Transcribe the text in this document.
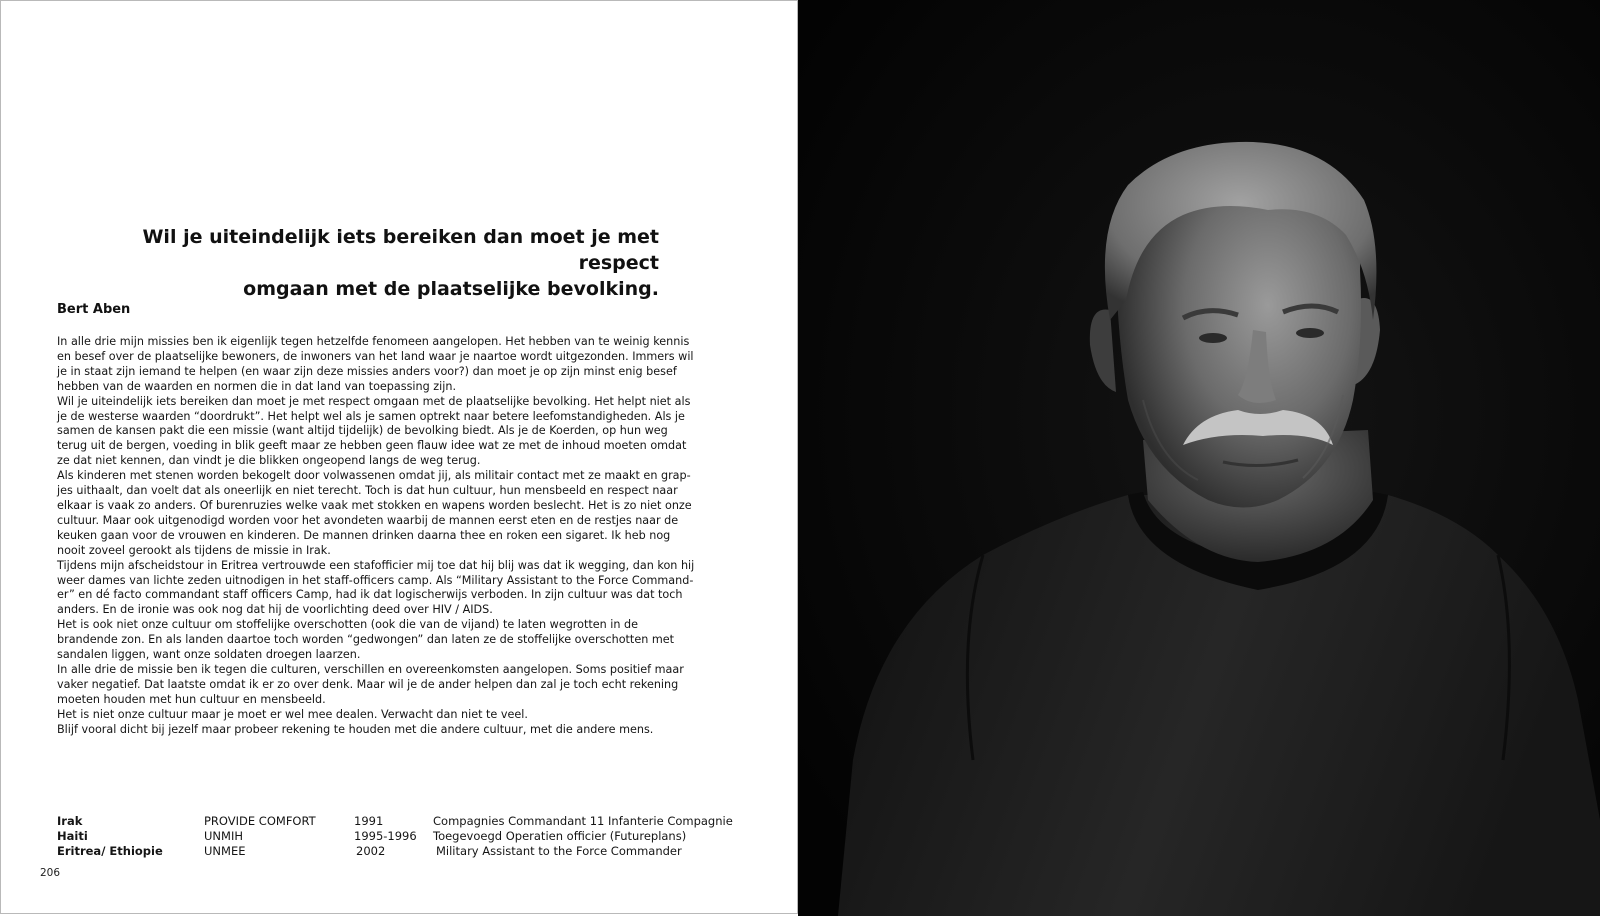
Wil je uiteindelijk iets bereiken dan moet je met respect
omgaan met de plaatselijke bevolking.
Bert Aben

In alle drie mijn missies ben ik eigenlijk tegen hetzelfde fenomeen aangelopen. Het hebben van te weinig kennis en besef over de plaatselijke bewoners, de inwoners van het land waar je naartoe wordt uitgezonden. Immers wil je in staat zijn iemand te helpen (en waar zijn deze missies anders voor?) dan moet je op zijn minst enig besef hebben van de waarden en normen die in dat land van toepassing zijn.

Wil je uiteindelijk iets bereiken dan moet je met respect omgaan met de plaatselijke bevolking. Het helpt niet als je de westerse waarden “doordrukt”. Het helpt wel als je samen optrekt naar betere leefomstandigheden. Als je samen de kansen pakt die een missie (want altijd tijdelijk) de bevolking biedt. Als je de Koerden, op hun weg terug uit de bergen, voeding in blik geeft maar ze hebben geen flauw idee wat ze met de inhoud moeten omdat ze dat niet kennen, dan vindt je die blikken ongeopend langs de weg terug.

Als kinderen met stenen worden bekogelt door volwassenen omdat jij, als militair contact met ze maakt en grapjes uithaalt, dan voelt dat als oneerlijk en niet terecht. Toch is dat hun cultuur, hun mensbeeld en respect naar elkaar is vaak zo anders. Of burenruzies welke vaak met stokken en wapens worden beslecht. Het is zo niet onze cultuur. Maar ook uitgenodigd worden voor het avondeten waarbij de mannen eerst eten en de restjes naar de keuken gaan voor de vrouwen en kinderen. De mannen drinken daarna thee en roken een sigaret. Ik heb nog nooit zoveel gerookt als tijdens de missie in Irak.

Tijdens mijn afscheidstour in Eritrea vertrouwde een stafofficier mij toe dat hij blij was dat ik wegging, dan kon hij weer dames van lichte zeden uitnodigen in het staff-officers camp. Als “Military Assistant to the Force Commander” en dé facto commandant staff officers Camp, had ik dat logischerwijs verboden. In zijn cultuur was dat toch anders. En de ironie was ook nog dat hij de voorlichting deed over HIV / AIDS.

Het is ook niet onze cultuur om stoffelijke overschotten (ook die van de vijand) te laten wegrotten in de brandende zon. En als landen daartoe toch worden “gedwongen” dan laten ze de stoffelijke overschotten met sandalen liggen, want onze soldaten droegen laarzen.

In alle drie de missie ben ik tegen die culturen, verschillen en overeenkomsten aangelopen. Soms positief maar vaker negatief. Dat laatste omdat ik er zo over denk. Maar wil je de ander helpen dan zal je toch echt rekening moeten houden met hun cultuur en mensbeeld.

Het is niet onze cultuur maar je moet er wel mee dealen. Verwacht dan niet te veel.

Blijf vooral dicht bij jezelf maar probeer rekening te houden met die andere cultuur, met die andere mens.

Irak	PROVIDE COMFORT	1991	Compagnies Commandant 11 Infanterie Compagnie
Haiti	UNMIH	1995-1996 Toegevoegd Operatien officier (Futureplans)
Eritrea/ Ethiopie	UNMEE	2002	Military Assistant to the Force Commander
206
